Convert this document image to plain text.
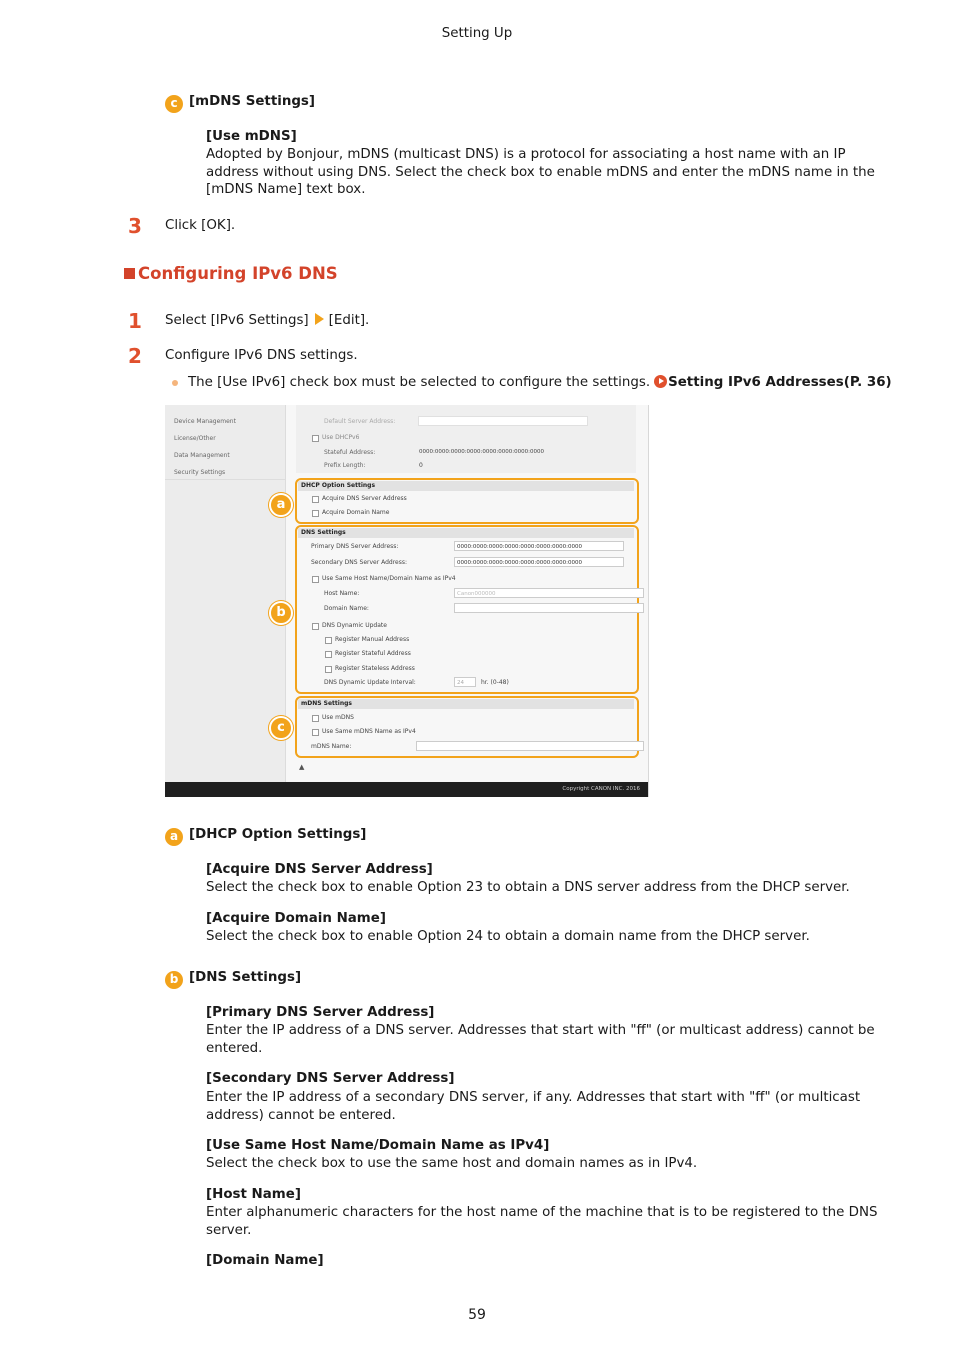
Setting Up
c [mDNS Settings]
[Use mDNS]
Adopted by Bonjour, mDNS (multicast DNS) is a protocol for associating a host name with an IP
address without using DNS. Select the check box to enable mDNS and enter the mDNS name in the
[mDNS Name] text box.
3 Click [OK].
Configuring IPv6 DNS
1 Select [IPv6 Settings] [Edit].
2 Configure IPv6 DNS settings.
The [Use IPv6] check box must be selected to configure the settings. Setting IPv6 Addresses(P. 36)
Device Management
License/Other
Data Management
Security Settings
Default Server Address:
Use DHCPv6
Stateful Address:	0000:0000:0000:0000:0000:0000:0000:0000
Prefix Length:	0
DHCP Option Settings
Acquire DNS Server Address
Acquire Domain Name
DNS Settings
Primary DNS Server Address:	0000:0000:0000:0000:0000:0000:0000:0000
Secondary DNS Server Address:	0000:0000:0000:0000:0000:0000:0000:0000
Use Same Host Name/Domain Name as IPv4
Host Name:	Canon000000
Domain Name:
DNS Dynamic Update
Register Manual Address
Register Stateful Address
Register Stateless Address
DNS Dynamic Update Interval:	24	hr. (0-48)
mDNS Settings
Use mDNS
Use Same mDNS Name as IPv4
mDNS Name:
▲
a
b
c
Copyright CANON INC. 2016
a [DHCP Option Settings]
[Acquire DNS Server Address]
Select the check box to enable Option 23 to obtain a DNS server address from the DHCP server.
[Acquire Domain Name]
Select the check box to enable Option 24 to obtain a domain name from the DHCP server.
b [DNS Settings]
[Primary DNS Server Address]
Enter the IP address of a DNS server. Addresses that start with "ff" (or multicast address) cannot be
entered.
[Secondary DNS Server Address]
Enter the IP address of a secondary DNS server, if any. Addresses that start with "ff" (or multicast
address) cannot be entered.
[Use Same Host Name/Domain Name as IPv4]
Select the check box to use the same host and domain names as in IPv4.
[Host Name]
Enter alphanumeric characters for the host name of the machine that is to be registered to the DNS
server.
[Domain Name]
59
